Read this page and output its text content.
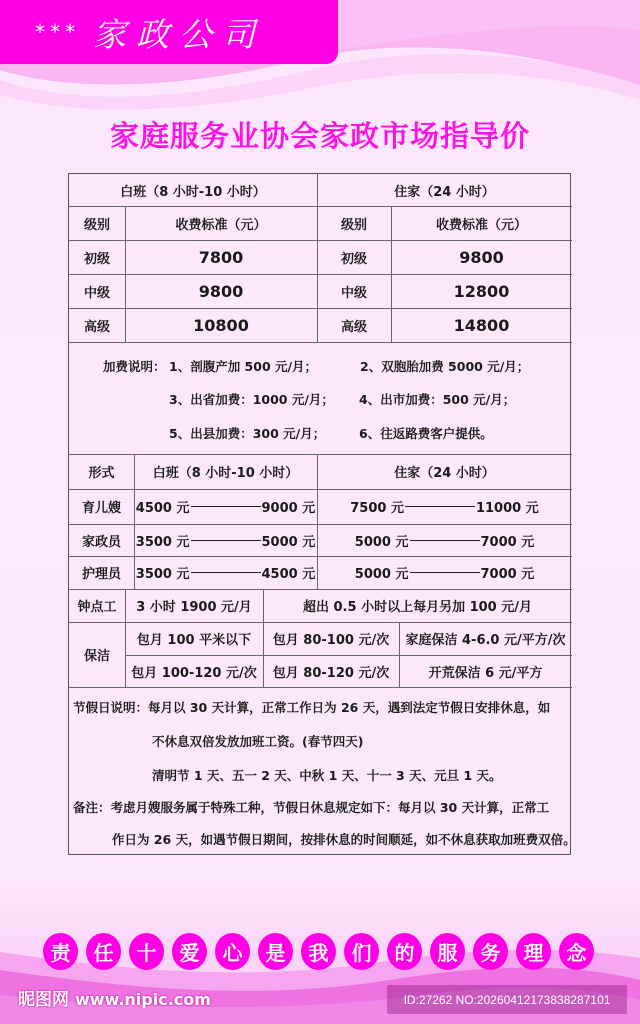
*** 家政公司
家庭服务业协会家政市场指导价
白班（8 小时-10 小时）	住家（24 小时）
级别	收费标准（元）	级别	收费标准（元）
初级	7800	初级	9800
中级	9800	中级	12800
高级	10800	高级	14800
加费说明： 1、剖腹产加 500 元/月；	2、双胞胎加费 5000 元/月；
3、出省加费：1000 元/月； 4、出市加费：500 元/月；
5、出县加费：300 元/月；	6、往返路费客户提供。
形式	白班（8 小时-10 小时）	住家（24 小时）
育儿嫂	4500 元	9000 元	7500 元	11000 元
家政员	3500 元	5000 元	5000 元	7000 元
护理员	3500 元	4500 元	5000 元	7000 元
钟点工	3 小时 1900 元/月	超出 0.5 小时以上每月另加 100 元/月
保洁
包月 100 平米以下	包月 80-100 元/次	家庭保洁 4-6.0 元/平方/次
包月 100-120 元/次	包月 80-120 元/次	开荒保洁 6 元/平方
节假日说明：每月以 30 天计算，正常工作日为 26 天，遇到法定节假日安排休息，如
不休息双倍发放加班工资。(春节四天)
清明节 1 天、五一 2 天、中秋 1 天、十一 3 天、元旦 1 天。
备注：考虑月嫂服务属于特殊工种，节假日休息规定如下：每月以 30 天计算，正常工
作日为 26 天，如遇节假日期间，按排休息的时间顺延，如不休息获取加班费双倍。
责	任	十	爱	心	是	我	们	的	服	务	理	念
昵图网 www.nipic.com	ID:27262 NO:20260412173838287101
